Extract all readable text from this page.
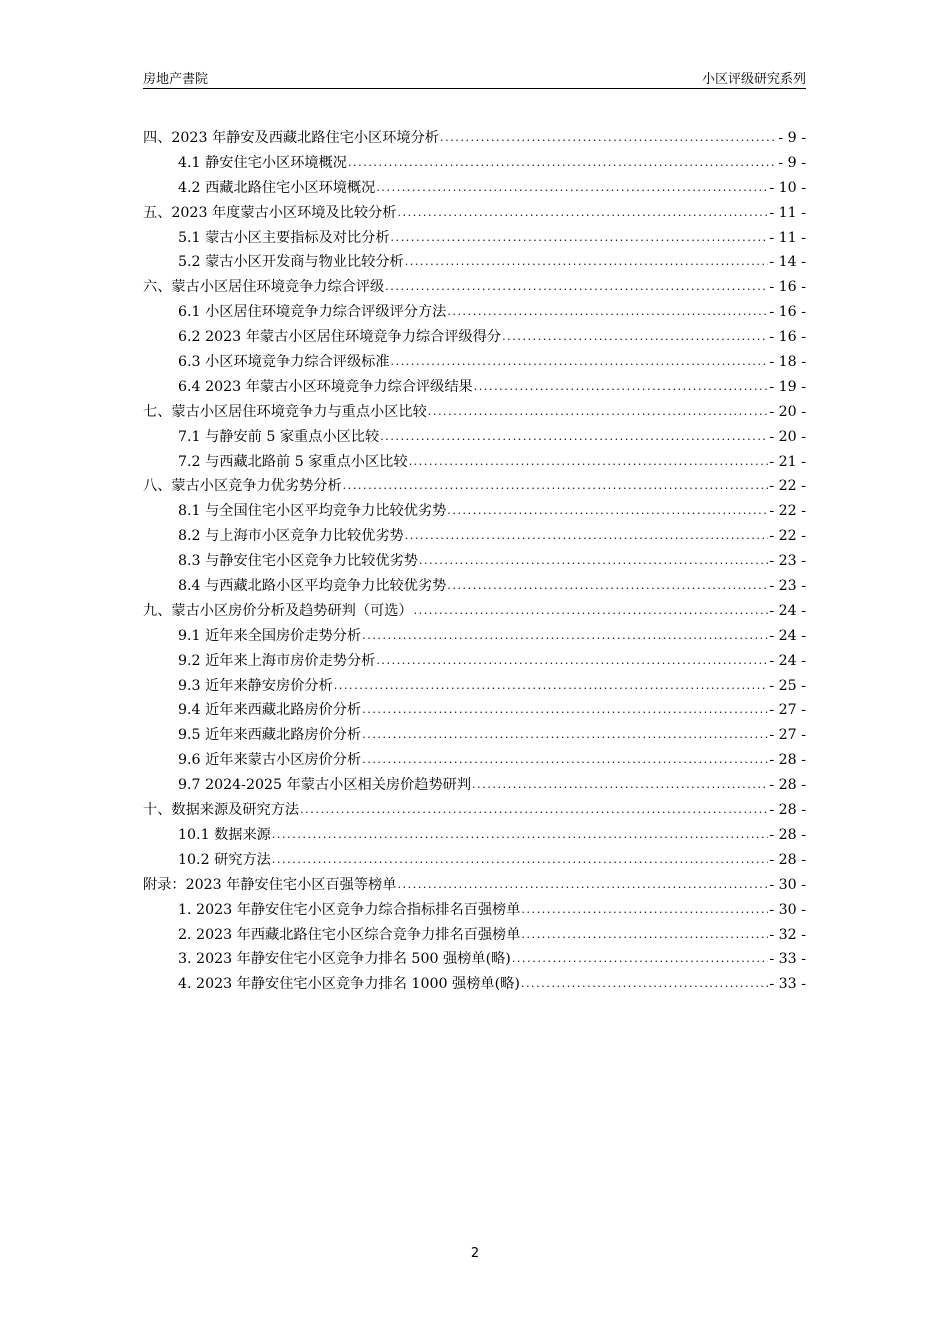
房地产書院	小区评级研究系列
四、2023 年静安及西藏北路住宅小区环境分析 .....	- 9 -
4.1 静安住宅小区环境概况 .....	- 9 -
4.2 西藏北路住宅小区环境概况 .....	- 10 -
五、2023 年度蒙古小区环境及比较分析 .....	- 11 -
5.1 蒙古小区主要指标及对比分析 .....	- 11 -
5.2 蒙古小区开发商与物业比较分析 .....	- 14 -
六、蒙古小区居住环境竞争力综合评级 .....	- 16 -
6.1 小区居住环境竞争力综合评级评分方法 .....	- 16 -
6.2 2023 年蒙古小区居住环境竞争力综合评级得分 .....	- 16 -
6.3 小区环境竞争力综合评级标准 .....	- 18 -
6.4 2023 年蒙古小区环境竞争力综合评级结果 .....	- 19 -
七、蒙古小区居住环境竞争力与重点小区比较 .....	- 20 -
7.1 与静安前 5 家重点小区比较 .....	- 20 -
7.2 与西藏北路前 5 家重点小区比较 .....	- 21 -
八、蒙古小区竞争力优劣势分析 .....	- 22 -
8.1 与全国住宅小区平均竞争力比较优劣势 .....	- 22 -
8.2 与上海市小区竞争力比较优劣势 .....	- 22 -
8.3 与静安住宅小区竞争力比较优劣势 .....	- 23 -
8.4 与西藏北路小区平均竞争力比较优劣势 .....	- 23 -
九、蒙古小区房价分析及趋势研判（可选） .....	- 24 -
9.1 近年来全国房价走势分析 .....	- 24 -
9.2 近年来上海市房价走势分析 .....	- 24 -
9.3 近年来静安房价分析 .....	- 25 -
9.4 近年来西藏北路房价分析 .....	- 27 -
9.5 近年来西藏北路房价分析 .....	- 27 -
9.6 近年来蒙古小区房价分析 .....	- 28 -
9.7 2024-2025 年蒙古小区相关房价趋势研判 .....	- 28 -
十、数据来源及研究方法 .....	- 28 -
10.1 数据来源 .....	- 28 -
10.2 研究方法 .....	- 28 -
附录：2023 年静安住宅小区百强等榜单 .....	- 30 -
1. 2023 年静安住宅小区竞争力综合指标排名百强榜单 .....	- 30 -
2. 2023 年西藏北路住宅小区综合竞争力排名百强榜单 .....	- 32 -
3. 2023 年静安住宅小区竞争力排名 500 强榜单(略) .....	- 33 -
4. 2023 年静安住宅小区竞争力排名 1000 强榜单(略) .....	- 33 -
2
